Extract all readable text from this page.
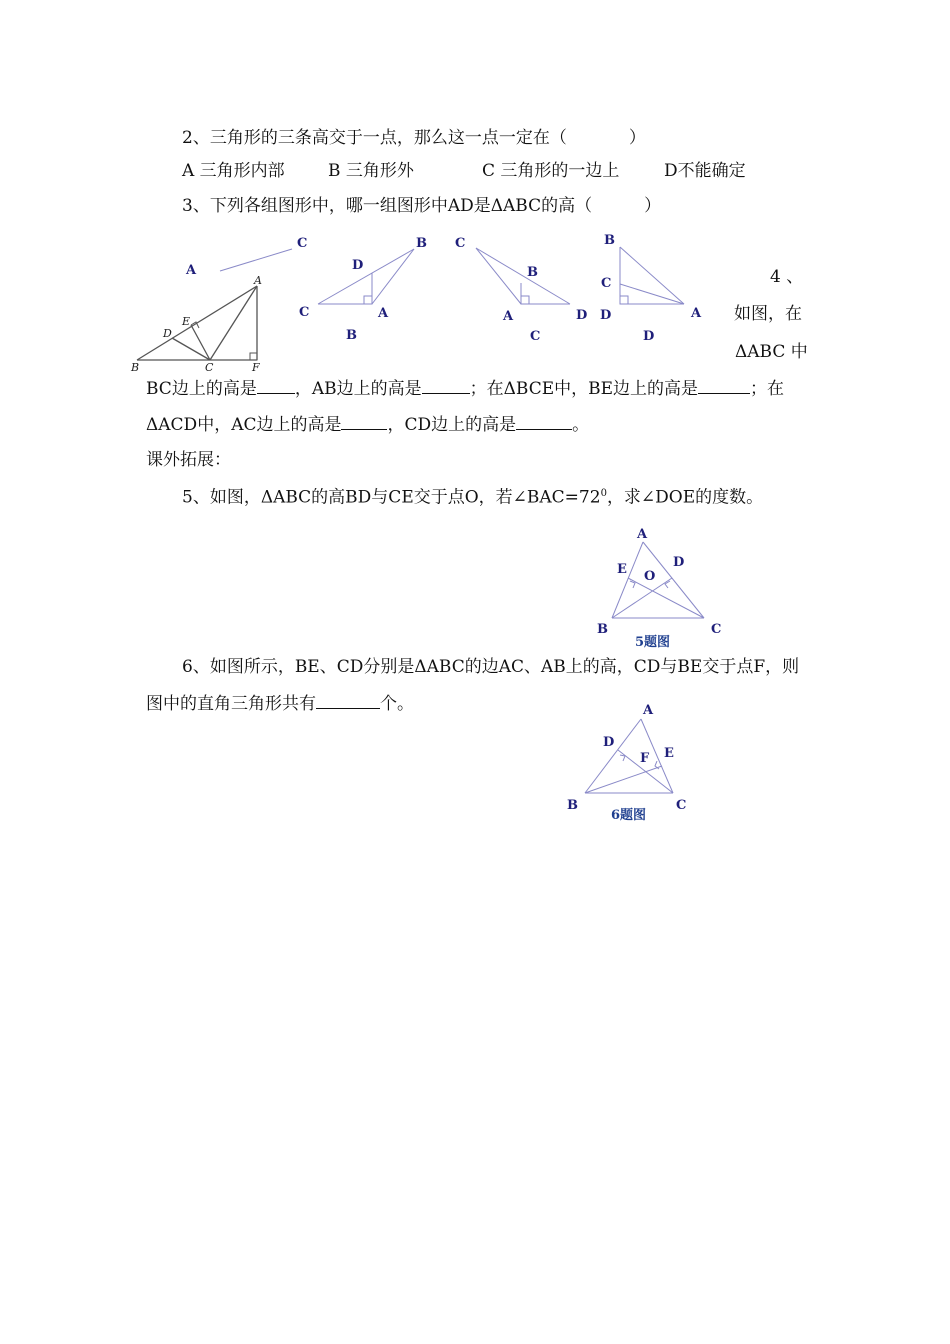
2、三角形的三条高交于一点，那么这一点一定在（	）
A 三角形内部	B 三角形外	C 三角形的一边上	D不能确定
3、下列各组图形中，哪一组图形中AD是ΔABC的高（	）
A
C
B	C	F
A
D
E
B
D
C	A
B
C
B
A
C
D
B
C
D	A
D
4 、
如图，在
ΔABC 中
BC边上的高是 ，AB边上的高是	；在ΔBCE中，BE边上的高是	；在
ΔACD中，AC边上的高是	，CD边上的高是	。
课外拓展：
5、如图，ΔABC的高BD与CE交于点O，若$\angle BAC=72^0$，求∠DOE的度数。
A
E	D
O
B	C
5题图
6、如图所示，BE、CD分别是ΔABC的边AC、AB上的高，CD与BE交于点F，则
图中的直角三角形共有	个。	A
D
F E
B	C
6题图
